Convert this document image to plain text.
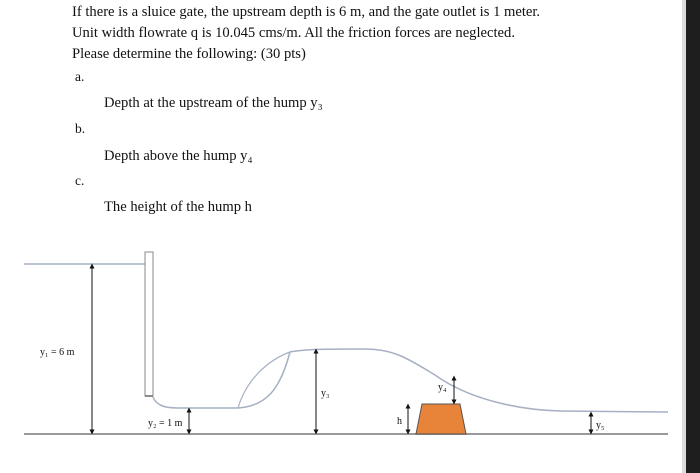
If there is a sluice gate, the upstream depth is 6 m, and the gate outlet is 1 meter.
Unit width flowrate q is 10.045 cms/m. All the friction forces are neglected.
Please determine the following: (30 pts)
a.
Depth at the upstream of the hump y₃
b.
Depth above the hump y₄
c.
The height of the hump h
y₁ = 6 m
y₂ = 1 m
y₃
h
y₄
y₅
